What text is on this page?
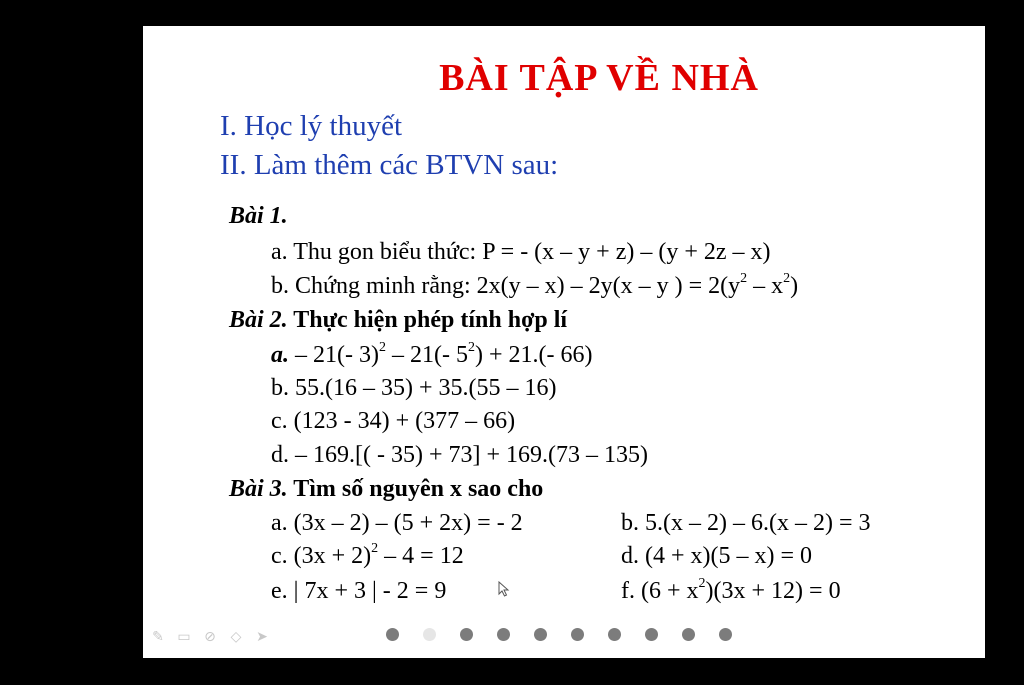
BÀI TẬP VỀ NHÀ
I. Học lý thuyết
II. Làm thêm các BTVN sau:
Bài 1.
a. Thu gon biểu thức: P = - (x – y + z) – (y + 2z – x)
b. Chứng minh rằng: 2x(y – x) – 2y(x – y ) = $2(y^2 - x^2)$
Bài 2. Thực hiện phép tính hợp lí
a. – 21(- 3)$^2$ – 21(- $5^2) + 21.(-$ 66)
b. 55.(16 – 35) + 35.(55 – 16)
c. (123 - 34) + (377 – 66)
d. – 169.[( - 35) + 73] + 169.(73 – 135)
Bài 3. Tìm số nguyên x sao cho
a. (3x – 2) – (5 + 2x) = - 2	b. 5.(x – 2) – 6.(x – 2) = 3
c. $(3x + 2)^2 - 4 = 12$	d. (4 + x)(5 – x) = 0
e. | 7x + 3 | - 2 = 9	f. $(6 + x^2)(3x + 12) = 0$
✎ ▭ ⊘ ◇ ➤
